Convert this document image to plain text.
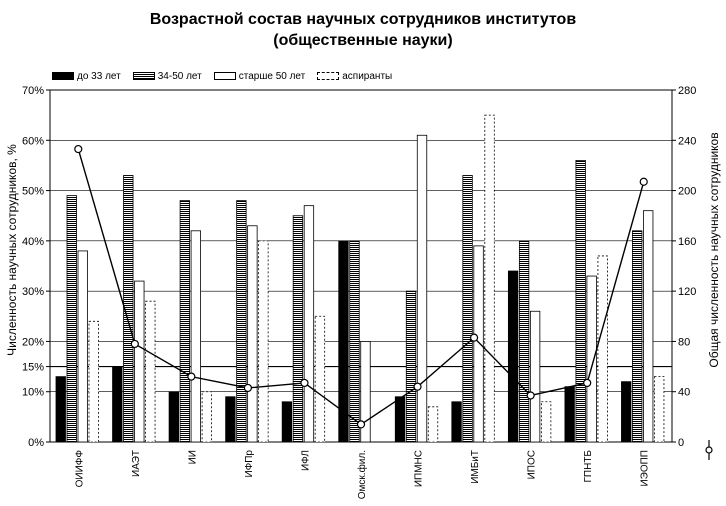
Возрастной состав научных сотрудников институтов
(общественные науки)
до 33 лет	34-50 лет	старше 50 лет	аспиранты
Численность научных сотрудников, %	Общая численность научных сотрудников
0%
10%
15%
20%
30%
40%
50%
60%
70%
0
40
80
120
160
200
240
280
ОИИФФ	ИАЭТ	ИИ	ИФПр	ИФЛ	Омск.фил.	ИПМНС	ИМБиТ	ИПОС	ГПНТБ	ИЭОПП
